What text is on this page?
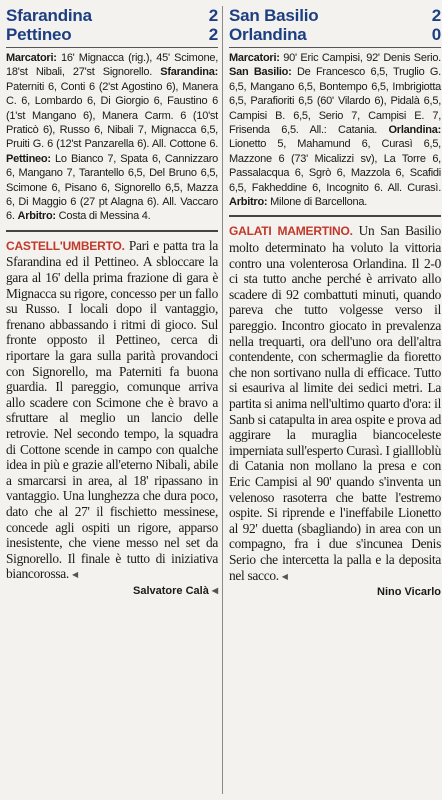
Sfarandina	2
Pettineo	2
Marcatori: 16' Mignacca (rig.), 45' Scimone, 18'st Nibali, 27'st Signorello. Sfarandina: Paterniti 6, Conti 6 (2'st Agostino 6), Manera C. 6, Lombardo 6, Di Giorgio 6, Faustino 6 (1'st Mangano 6), Manera Carm. 6 (10'st Praticò 6), Russo 6, Nibali 7, Mignacca 6,5, Pruiti G. 6 (12'st Panzarella 6). All. Cottone 6. Pettineo: Lo Bianco 7, Spata 6, Cannizzaro 6, Mangano 7, Tarantello 6,5, Del Bruno 6,5, Scimone 6, Pisano 6, Signorello 6,5, Mazza 6, Di Maggio 6 (27 pt Alagna 6). All. Vaccaro 6. Arbitro: Costa di Messina 4.
CASTELL'UMBERTO. Pari e patta tra la Sfarandina ed il Pettineo. A sbloccare la gara al 16' della prima frazione di gara è Mignacca su rigore, concesso per un fallo su Russo. I locali dopo il vantaggio, frenano abbassando i ritmi di gioco. Sul fronte opposto il Pettineo, cerca di riportare la gara sulla parità provandoci con Signorello, ma Paterniti fa buona guardia. Il pareggio, comunque arriva allo scadere con Scimone che è bravo a sfruttare al meglio un lancio delle retrovie. Nel secondo tempo, la squadra di Cottone scende in campo con qualche idea in più e grazie all'eterno Nibali, abile a smarcarsi in area, al 18' ripassano in vantaggio. Una lunghezza che dura poco, dato che al 27' il fischietto messinese, concede agli ospiti un rigore, apparso inesistente, che viene messo nel set da Signorello. Il finale è tutto di iniziativa biancorossa. ◀
Salvatore Calà ◀
San Basilio	2
Orlandina	0
Marcatori: 90' Eric Campisi, 92' Denis Serio. San Basilio: De Francesco 6,5, Truglio G. 6,5, Mangano 6,5, Bontempo 6,5, Imbrigiotta 6,5, Parafioriti 6,5 (60' Vilardo 6), Pidalà 6,5, Campisi B. 6,5, Serio 7, Campisi E. 7, Frisenda 6,5. All.: Catania. Orlandina: Lionetto 5, Mahamund 6, Curasì 6,5, Mazzone 6 (73' Micalizzi sv), La Torre 6, Passalacqua 6, Sgrò 6, Mazzola 6, Scafidi 6,5, Fakheddine 6, Incognito 6. All. Curasì. Arbitro: Milone di Barcellona.
GALATI MAMERTINO. Un San Basilio molto determinato ha voluto la vittoria contro una volenterosa Orlandina. Il 2-0 ci sta tutto anche perché è arrivato allo scadere di 92 combattuti minuti, quando pareva che tutto volgesse verso il pareggio. Incontro giocato in prevalenza nella trequarti, ora dell'uno ora dell'altra contendente, con schermaglie da fioretto che non sortivano nulla di efficace. Tutto si esauriva al limite dei sedici metri. La partita si anima nell'ultimo quarto d'ora: il Sanb si catapulta in area ospite e prova ad aggirare la muraglia biancoceleste imperniata sull'esperto Curasì. I giallloblù di Catania non mollano la presa e con Eric Campisi al 90' quando s'inventa un velenoso rasoterra che batte l'estremo ospite. Si riprende e l'ineffabile Lionetto al 92' duetta (sbagliando) in area con un compagno, fra i due s'incunea Denis Serio che intercetta la palla e la deposita nel sacco. ◀
Nino Vicarlo
